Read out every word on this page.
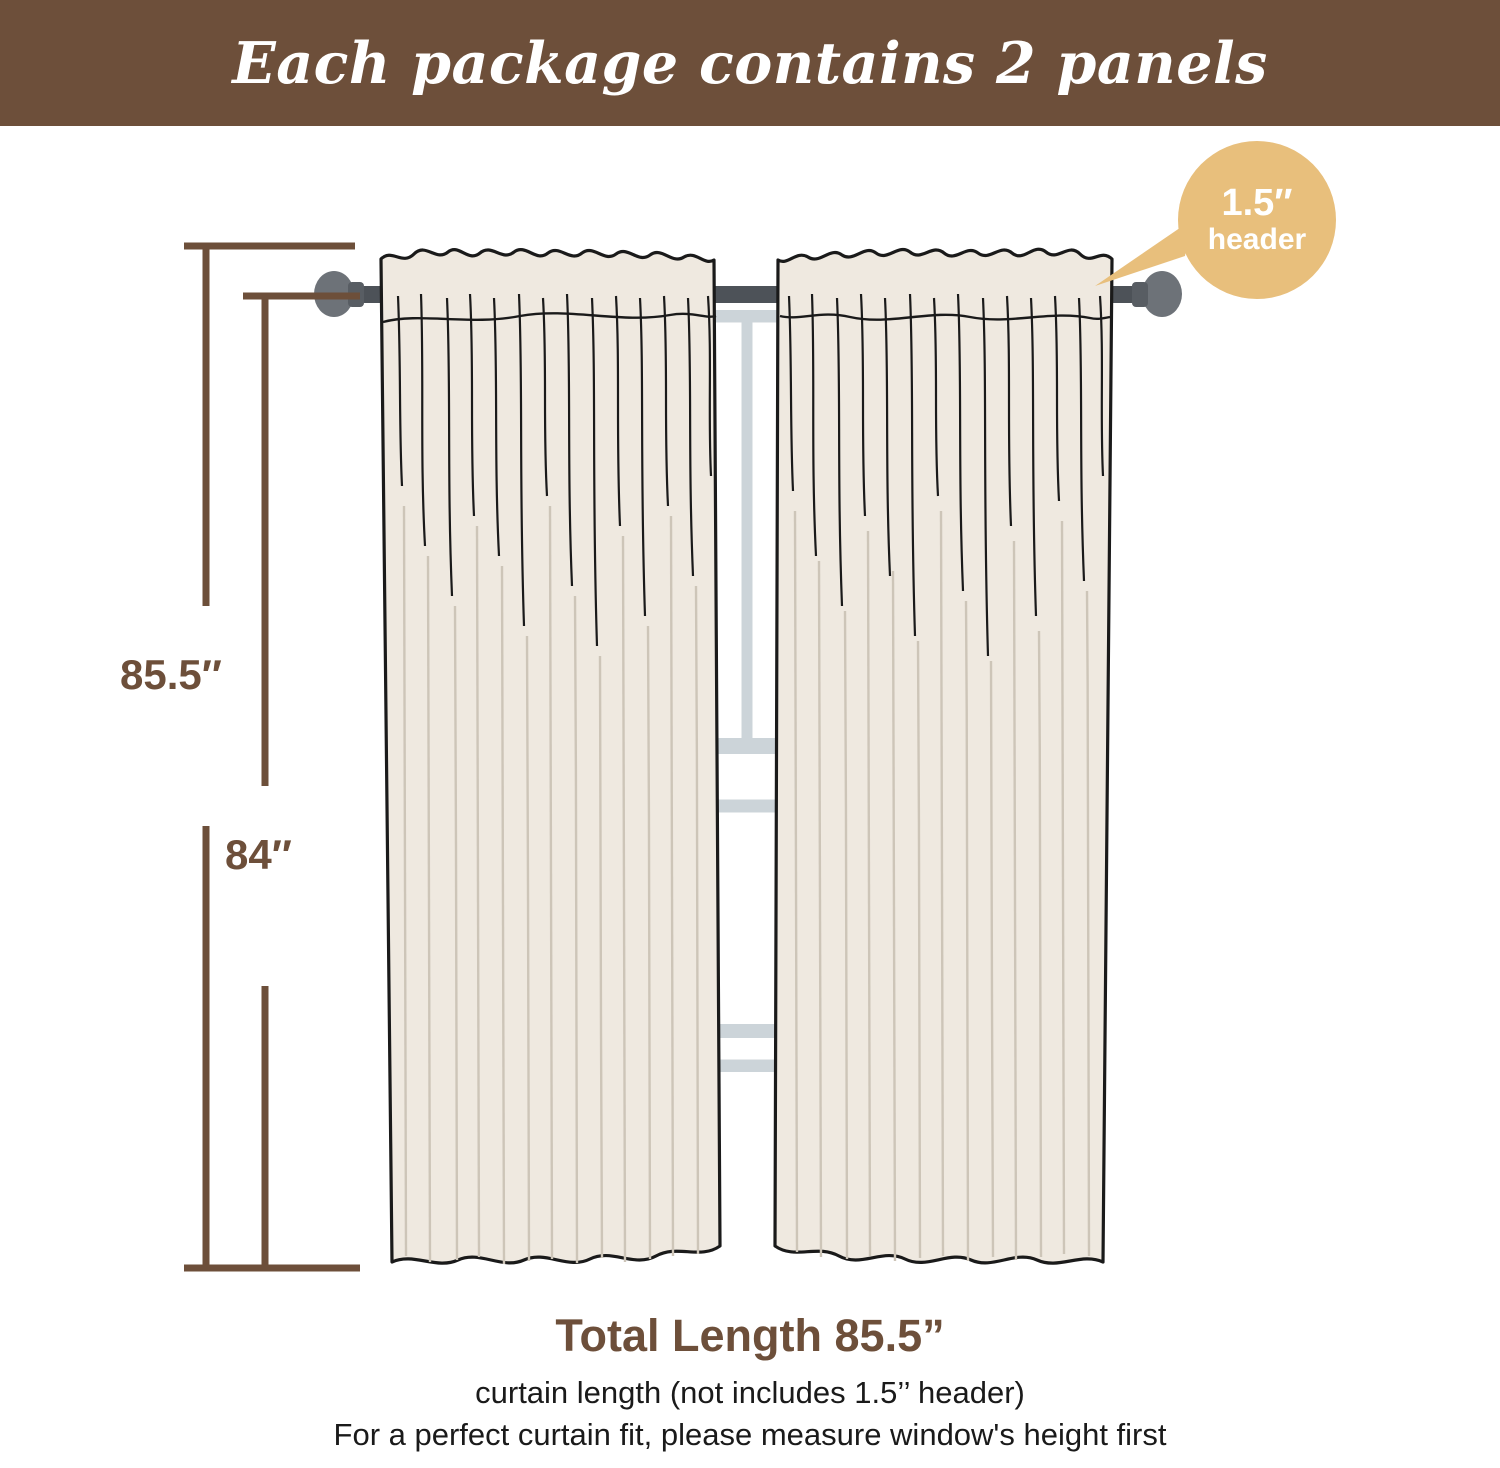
Each package contains 2 panels
85.5″
84″
1.5″
header
Total Length 85.5”
curtain length (not includes 1.5’’ header)
For a perfect curtain fit, please measure window's height first
